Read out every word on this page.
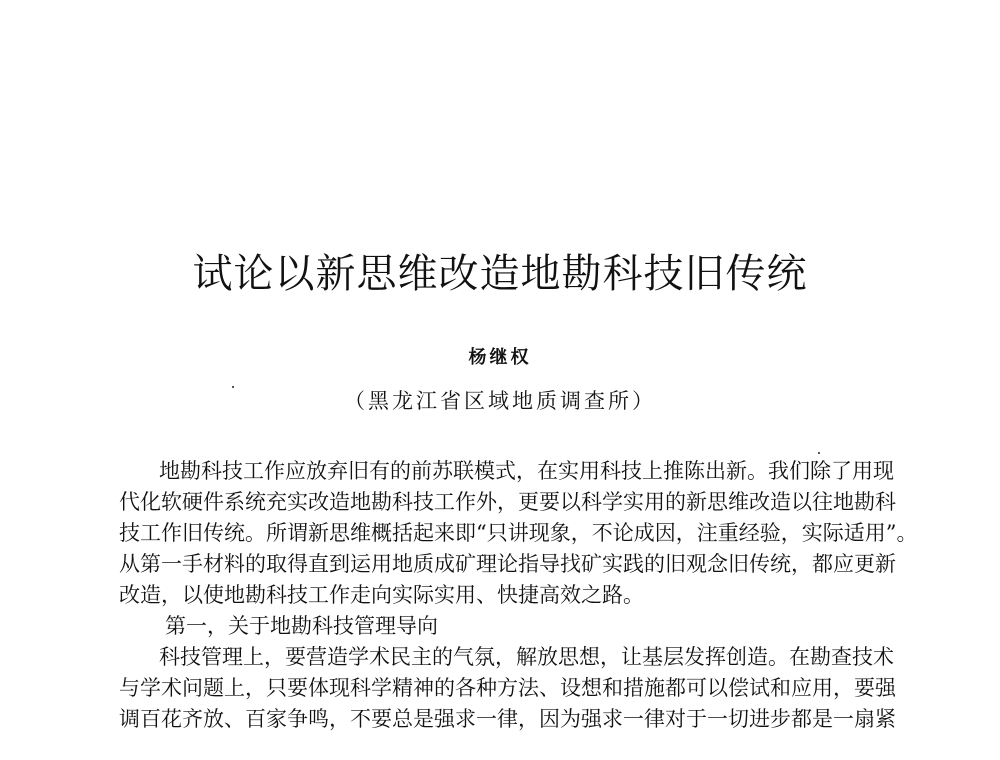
试论以新思维改造地勘科技旧传统
杨继权
（黑龙江省区域地质调查所）
地勘科技工作应放弃旧有的前苏联模式，在实用科技上推陈出新。我们除了用现
代化软硬件系统充实改造地勘科技工作外，更要以科学实用的新思维改造以往地勘科
技工作旧传统。所谓新思维概括起来即“只讲现象，不论成因，注重经验，实际适用”。
从第一手材料的取得直到运用地质成矿理论指导找矿实践的旧观念旧传统，都应更新
改造，以使地勘科技工作走向实际实用、快捷高效之路。
第一，关于地勘科技管理导向
科技管理上，要营造学术民主的气氛，解放思想，让基层发挥创造。在勘查技术
与学术问题上，只要体现科学精神的各种方法、设想和措施都可以偿试和应用，要强
调百花齐放、百家争鸣，不要总是强求一律，因为强求一律对于一切进步都是一扇紧
